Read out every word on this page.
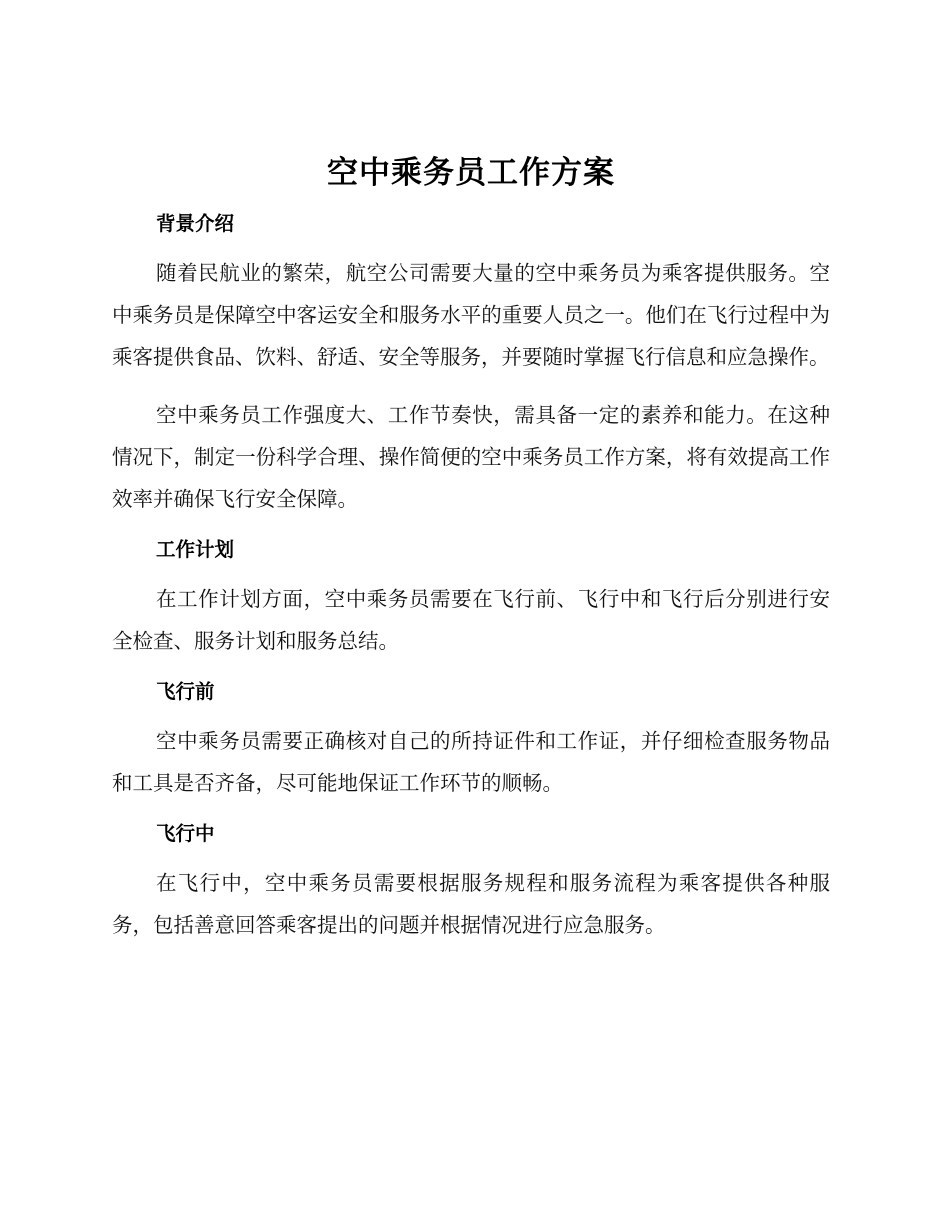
空中乘务员工作方案
背景介绍

随着民航业的繁荣，航空公司需要大量的空中乘务员为乘客提供服务。空中乘务员是保障空中客运安全和服务水平的重要人员之一。他们在飞行过程中为乘客提供食品、饮料、舒适、安全等服务，并要随时掌握飞行信息和应急操作。

空中乘务员工作强度大、工作节奏快，需具备一定的素养和能力。在这种情况下，制定一份科学合理、操作简便的空中乘务员工作方案，将有效提高工作效率并确保飞行安全保障。

工作计划

在工作计划方面，空中乘务员需要在飞行前、飞行中和飞行后分别进行安全检查、服务计划和服务总结。

飞行前

空中乘务员需要正确核对自己的所持证件和工作证，并仔细检查服务物品和工具是否齐备，尽可能地保证工作环节的顺畅。

飞行中

在飞行中，空中乘务员需要根据服务规程和服务流程为乘客提供各种服务，包括善意回答乘客提出的问题并根据情况进行应急服务。
